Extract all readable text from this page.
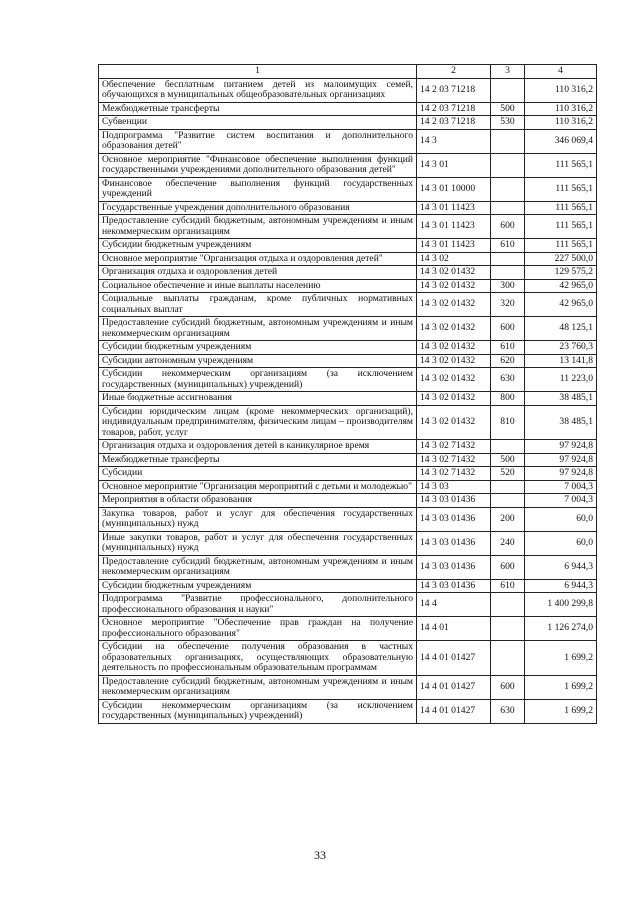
1	2	3	4
Обеспечение бесплатным питанием детей из малоимущих семей, обучающихся в муниципальных общеобразовательных организациях	14 2 03 71218		110 316,2
Межбюджетные трансферты	14 2 03 71218	500	110 316,2
Субвенции	14 2 03 71218	530	110 316,2
Подпрограмма "Развитие систем воспитания и дополнительного образования детей"	14 3		346 069,4
Основное мероприятие "Финансовое обеспечение выполнения функций государственными учреждениями дополнительного образования детей"	14 3 01		111 565,1
Финансовое обеспечение выполнения функций государственных учреждений	14 3 01 10000		111 565,1
Государственные учреждения дополнительного образования	14 3 01 11423		111 565,1
Предоставление субсидий бюджетным, автономным учреждениям и иным некоммерческим организациям	14 3 01 11423	600	111 565,1
Субсидии бюджетным учреждениям	14 3 01 11423	610	111 565,1
Основное мероприятие "Организация отдыха и оздоровления детей"	14 3 02		227 500,0
Организация отдыха и оздоровления детей	14 3 02 01432		129 575,2
Социальное обеспечение и иные выплаты населению	14 3 02 01432	300	42 965,0
Социальные выплаты гражданам, кроме публичных нормативных социальных выплат	14 3 02 01432	320	42 965,0
Предоставление субсидий бюджетным, автономным учреждениям и иным некоммерческим организациям	14 3 02 01432	600	48 125,1
Субсидии бюджетным учреждениям	14 3 02 01432	610	23 760,3
Субсидии автономным учреждениям	14 3 02 01432	620	13 141,8
Субсидии некоммерческим организациям (за исключением государственных (муниципальных) учреждений)	14 3 02 01432	630	11 223,0
Иные бюджетные ассигнования	14 3 02 01432	800	38 485,1
Субсидии юридическим лицам (кроме некоммерческих организаций), индивидуальным предпринимателям, физическим лицам – производителям товаров, работ, услуг	14 3 02 01432	810	38 485,1
Организация отдыха и оздоровления детей в каникулярное время	14 3 02 71432		97 924,8
Межбюджетные трансферты	14 3 02 71432	500	97 924,8
Субсидии	14 3 02 71432	520	97 924,8
Основное мероприятие "Организация мероприятий с детьми и молодежью"	14 3 03		7 004,3
Мероприятия в области образования	14 3 03 01436		7 004,3
Закупка товаров, работ и услуг для обеспечения государственных (муниципальных) нужд	14 3 03 01436	200	60,0
Иные закупки товаров, работ и услуг для обеспечения государственных (муниципальных) нужд	14 3 03 01436	240	60,0
Предоставление субсидий бюджетным, автономным учреждениям и иным некоммерческим организациям	14 3 03 01436	600	6 944,3
Субсидии бюджетным учреждениям	14 3 03 01436	610	6 944,3
Подпрограмма "Развитие профессионального, дополнительного профессионального образования и науки"	14 4		1 400 299,8
Основное мероприятие "Обеспечение прав граждан на получение профессионального образования"	14 4 01		1 126 274,0
Субсидии на обеспечение получения образования в частных образовательных организациях, осуществляющих образовательную деятельность по профессиональным образовательным программам	14 4 01 01427		1 699,2
Предоставление субсидий бюджетным, автономным учреждениям и иным некоммерческим организациям	14 4 01 01427	600	1 699,2
Субсидии некоммерческим организациям (за исключением государственных (муниципальных) учреждений)	14 4 01 01427	630	1 699,2
33
